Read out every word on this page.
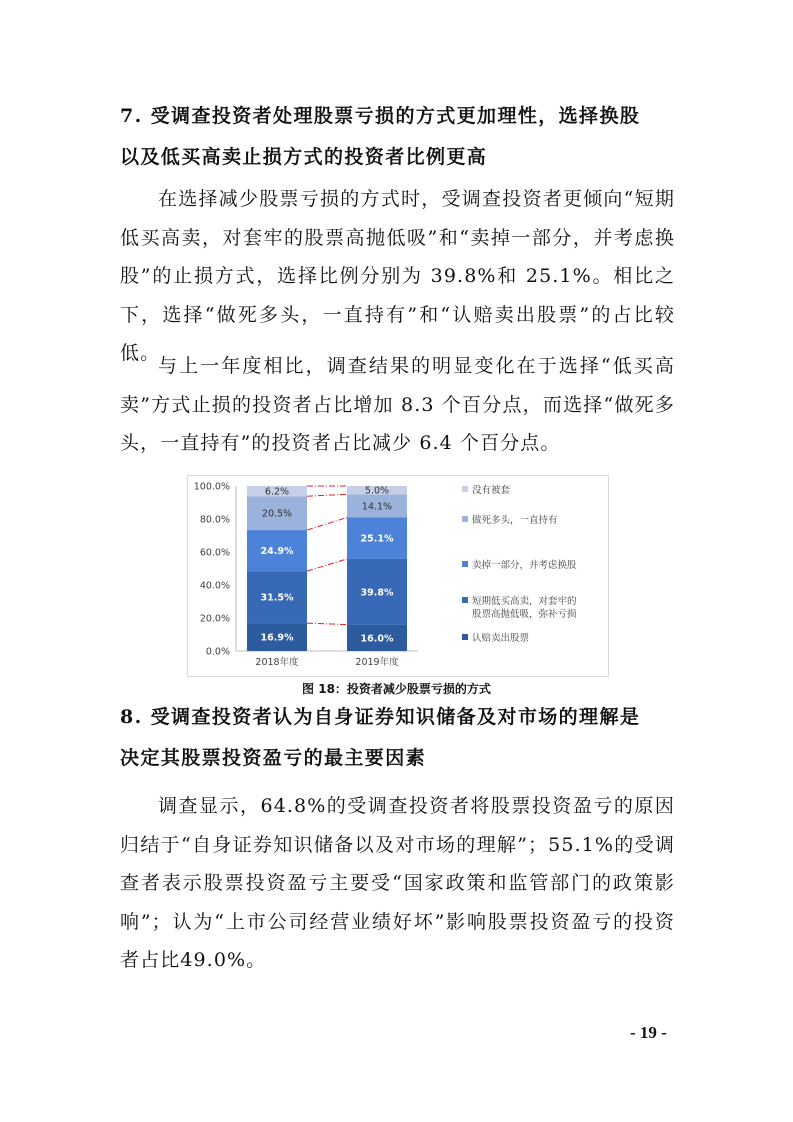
7. 受调查投资者处理股票亏损的方式更加理性，选择换股
以及低买高卖止损方式的投资者比例更高

在选择减少股票亏损的方式时，受调查投资者更倾向“短期低买高卖，对套牢的股票高抛低吸”和“卖掉一部分，并考虑换股”的止损方式，选择比例分别为 39.8%和 25.1%。相比之下，选择“做死多头，一直持有”和“认赔卖出股票”的占比较低。

与上一年度相比，调查结果的明显变化在于选择“低买高卖”方式止损的投资者占比增加 8.3 个百分点，而选择“做死多头，一直持有”的投资者占比减少 6.4 个百分点。

0.0%
20.0%
40.0%
60.0%
80.0%
100.0%
16.9%
31.5%
24.9%
20.5%
6.2%
2018年度
16.0%
39.8%
25.1%
14.1%
5.0%
2019年度
没有被套
做死多头，一直持有
卖掉一部分，并考虑换股
短期低买高卖，对套牢的
股票高抛低吸，弥补亏损
认赔卖出股票
图 18：投资者减少股票亏损的方式
8. 受调查投资者认为自身证券知识储备及对市场的理解是
决定其股票投资盈亏的最主要因素

调查显示，64.8%的受调查投资者将股票投资盈亏的原因归结于“自身证券知识储备以及对市场的理解”；55.1%的受调查者表示股票投资盈亏主要受“国家政策和监管部门的政策影响”；认为“上市公司经营业绩好坏”影响股票投资盈亏的投资者占比49.0%。

- 19 -
